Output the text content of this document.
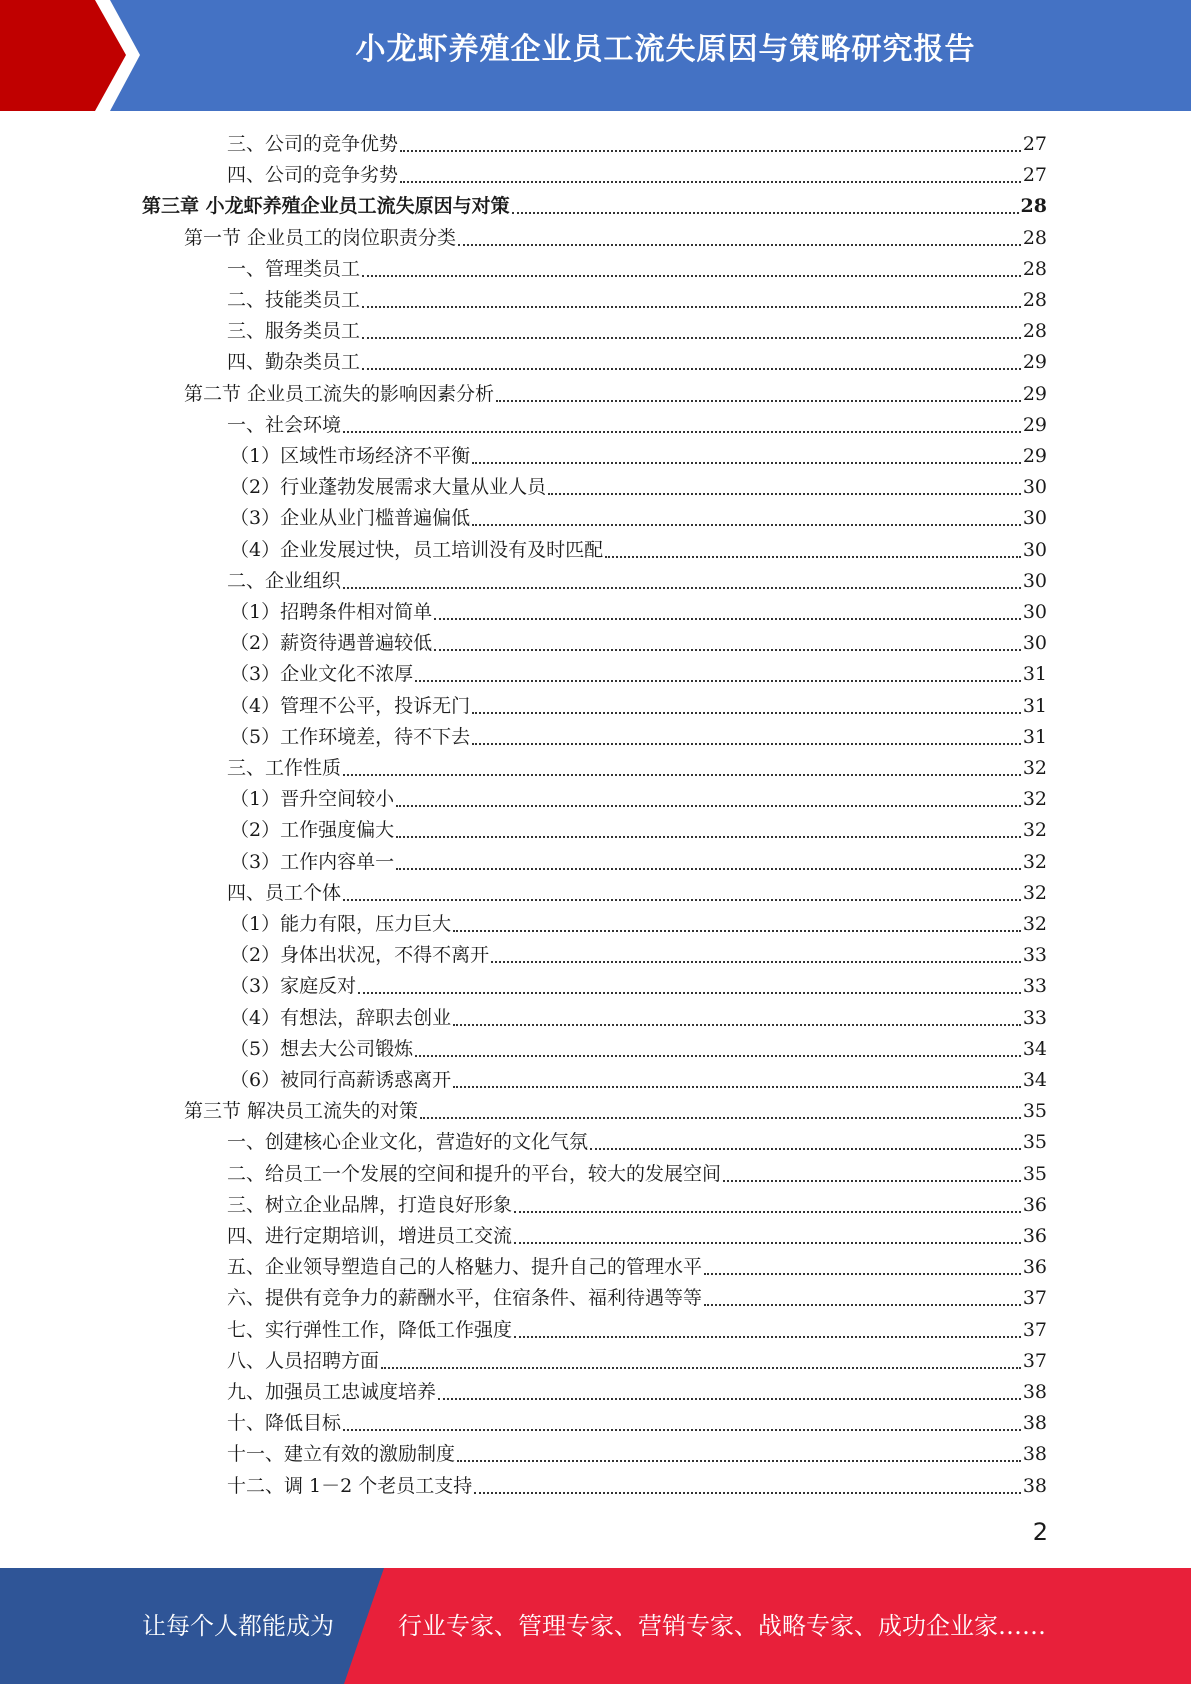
小龙虾养殖企业员工流失原因与策略研究报告
三、公司的竞争优势	27
四、公司的竞争劣势	27
第三章 小龙虾养殖企业员工流失原因与对策	28
第一节 企业员工的岗位职责分类	28
一、管理类员工	28
二、技能类员工	28
三、服务类员工	28
四、勤杂类员工	29
第二节 企业员工流失的影响因素分析	29
一、社会环境	29
（1）区域性市场经济不平衡	29
（2）行业蓬勃发展需求大量从业人员	30
（3）企业从业门槛普遍偏低	30
（4）企业发展过快，员工培训没有及时匹配	30
二、企业组织	30
（1）招聘条件相对简单	30
（2）薪资待遇普遍较低	30
（3）企业文化不浓厚	31
（4）管理不公平，投诉无门	31
（5）工作环境差，待不下去	31
三、工作性质	32
（1）晋升空间较小	32
（2）工作强度偏大	32
（3）工作内容单一	32
四、员工个体	32
（1）能力有限，压力巨大	32
（2）身体出状况，不得不离开	33
（3）家庭反对	33
（4）有想法，辞职去创业	33
（5）想去大公司锻炼	34
（6）被同行高薪诱惑离开	34
第三节 解决员工流失的对策	35
一、创建核心企业文化，营造好的文化气氛	35
二、给员工一个发展的空间和提升的平台，较大的发展空间	35
三、树立企业品牌，打造良好形象	36
四、进行定期培训，增进员工交流	36
五、企业领导塑造自己的人格魅力、提升自己的管理水平	36
六、提供有竞争力的薪酬水平，住宿条件、福利待遇等等	37
七、实行弹性工作，降低工作强度	37
八、人员招聘方面	37
九、加强员工忠诚度培养	38
十、降低目标	38
十一、建立有效的激励制度	38
十二、调 1－2 个老员工支持	38
2
让每个人都能成为	行业专家、管理专家、营销专家、战略专家、成功企业家……
